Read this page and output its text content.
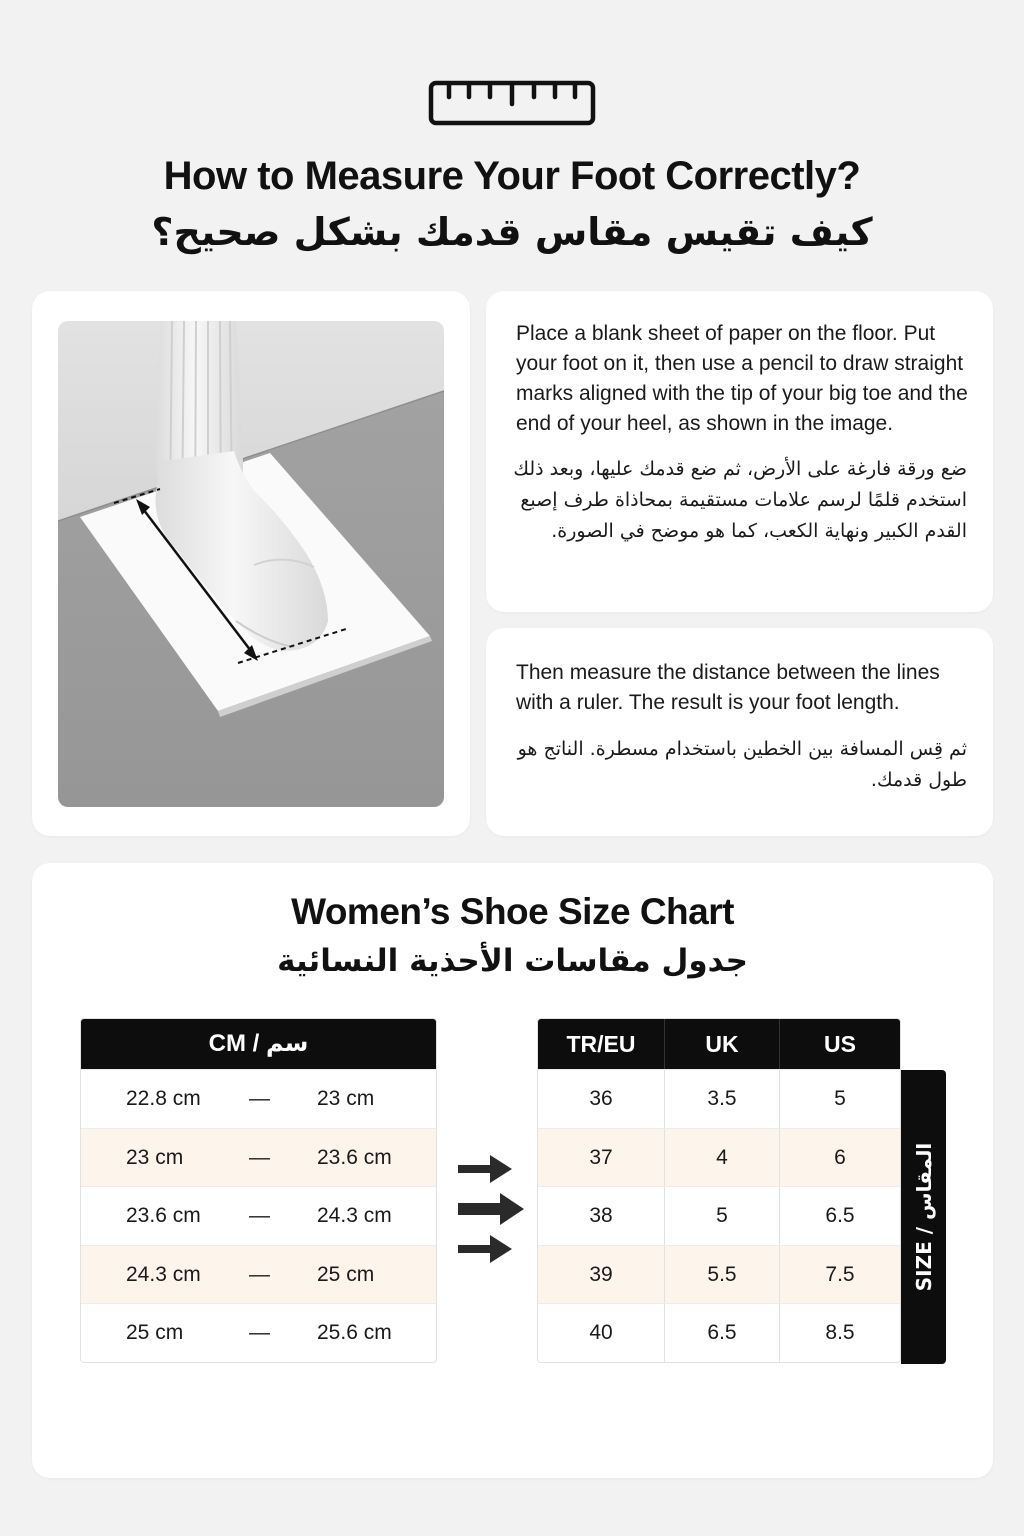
How to Measure Your Foot Correctly?
كيف تقيس مقاس قدمك بشكل صحيح؟
Place a blank sheet of paper on the floor. Put your foot on it, then use a pencil to draw straight marks aligned with the tip of your big toe and the end of your heel, as shown in the image.
ضع ورقة فارغة على الأرض، ثم ضع قدمك عليها، وبعد ذلك استخدم قلمًا لرسم علامات مستقيمة بمحاذاة طرف إصبع القدم الكبير ونهاية الكعب، كما هو موضح في الصورة.
Then measure the distance between the lines with a ruler. The result is your foot length.
ثم قِس المسافة بين الخطين باستخدام مسطرة. الناتج هو طول قدمك.
Women’s Shoe Size Chart
جدول مقاسات الأحذية النسائية
CM / سم
22.8 cm — 23 cm
23 cm	— 23.6 cm
23.6 cm — 24.3 cm
24.3 cm — 25 cm
25 cm	— 25.6 cm
TR/EU	UK	US
36	3.5	5
37	4	6
38	5	6.5
39	5.5	7.5
40	6.5	8.5
SIZE / المقاس
